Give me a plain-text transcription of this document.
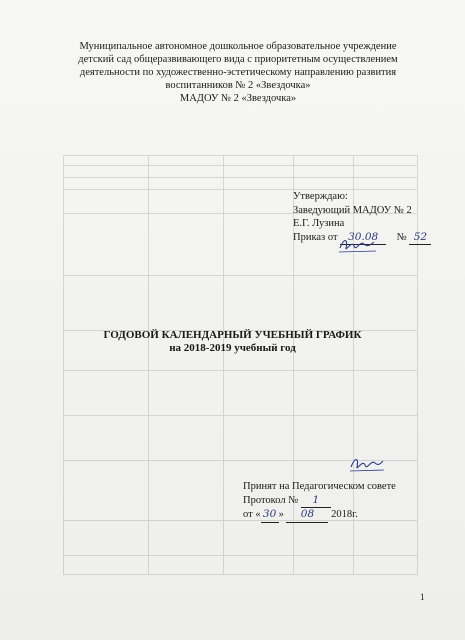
Муниципальное автономное дошкольное образовательное учреждение
детский сад общеразвивающего вида с приоритетным осуществлением
деятельности по художественно-эстетическому направлению развития
воспитанников № 2 «Звездочка»
МАДОУ № 2 «Звездочка»
Утверждаю:
Заведующий МАДОУ № 2
Е.Г. Лузина
Приказ от 30.08 № 52
ГОДОВОЙ КАЛЕНДАРНЫЙ УЧЕБНЫЙ ГРАФИК
на 2018-2019 учебный год
Принят на Педагогическом совете
Протокол № 1
от « 30 » 08 2018г.
1
